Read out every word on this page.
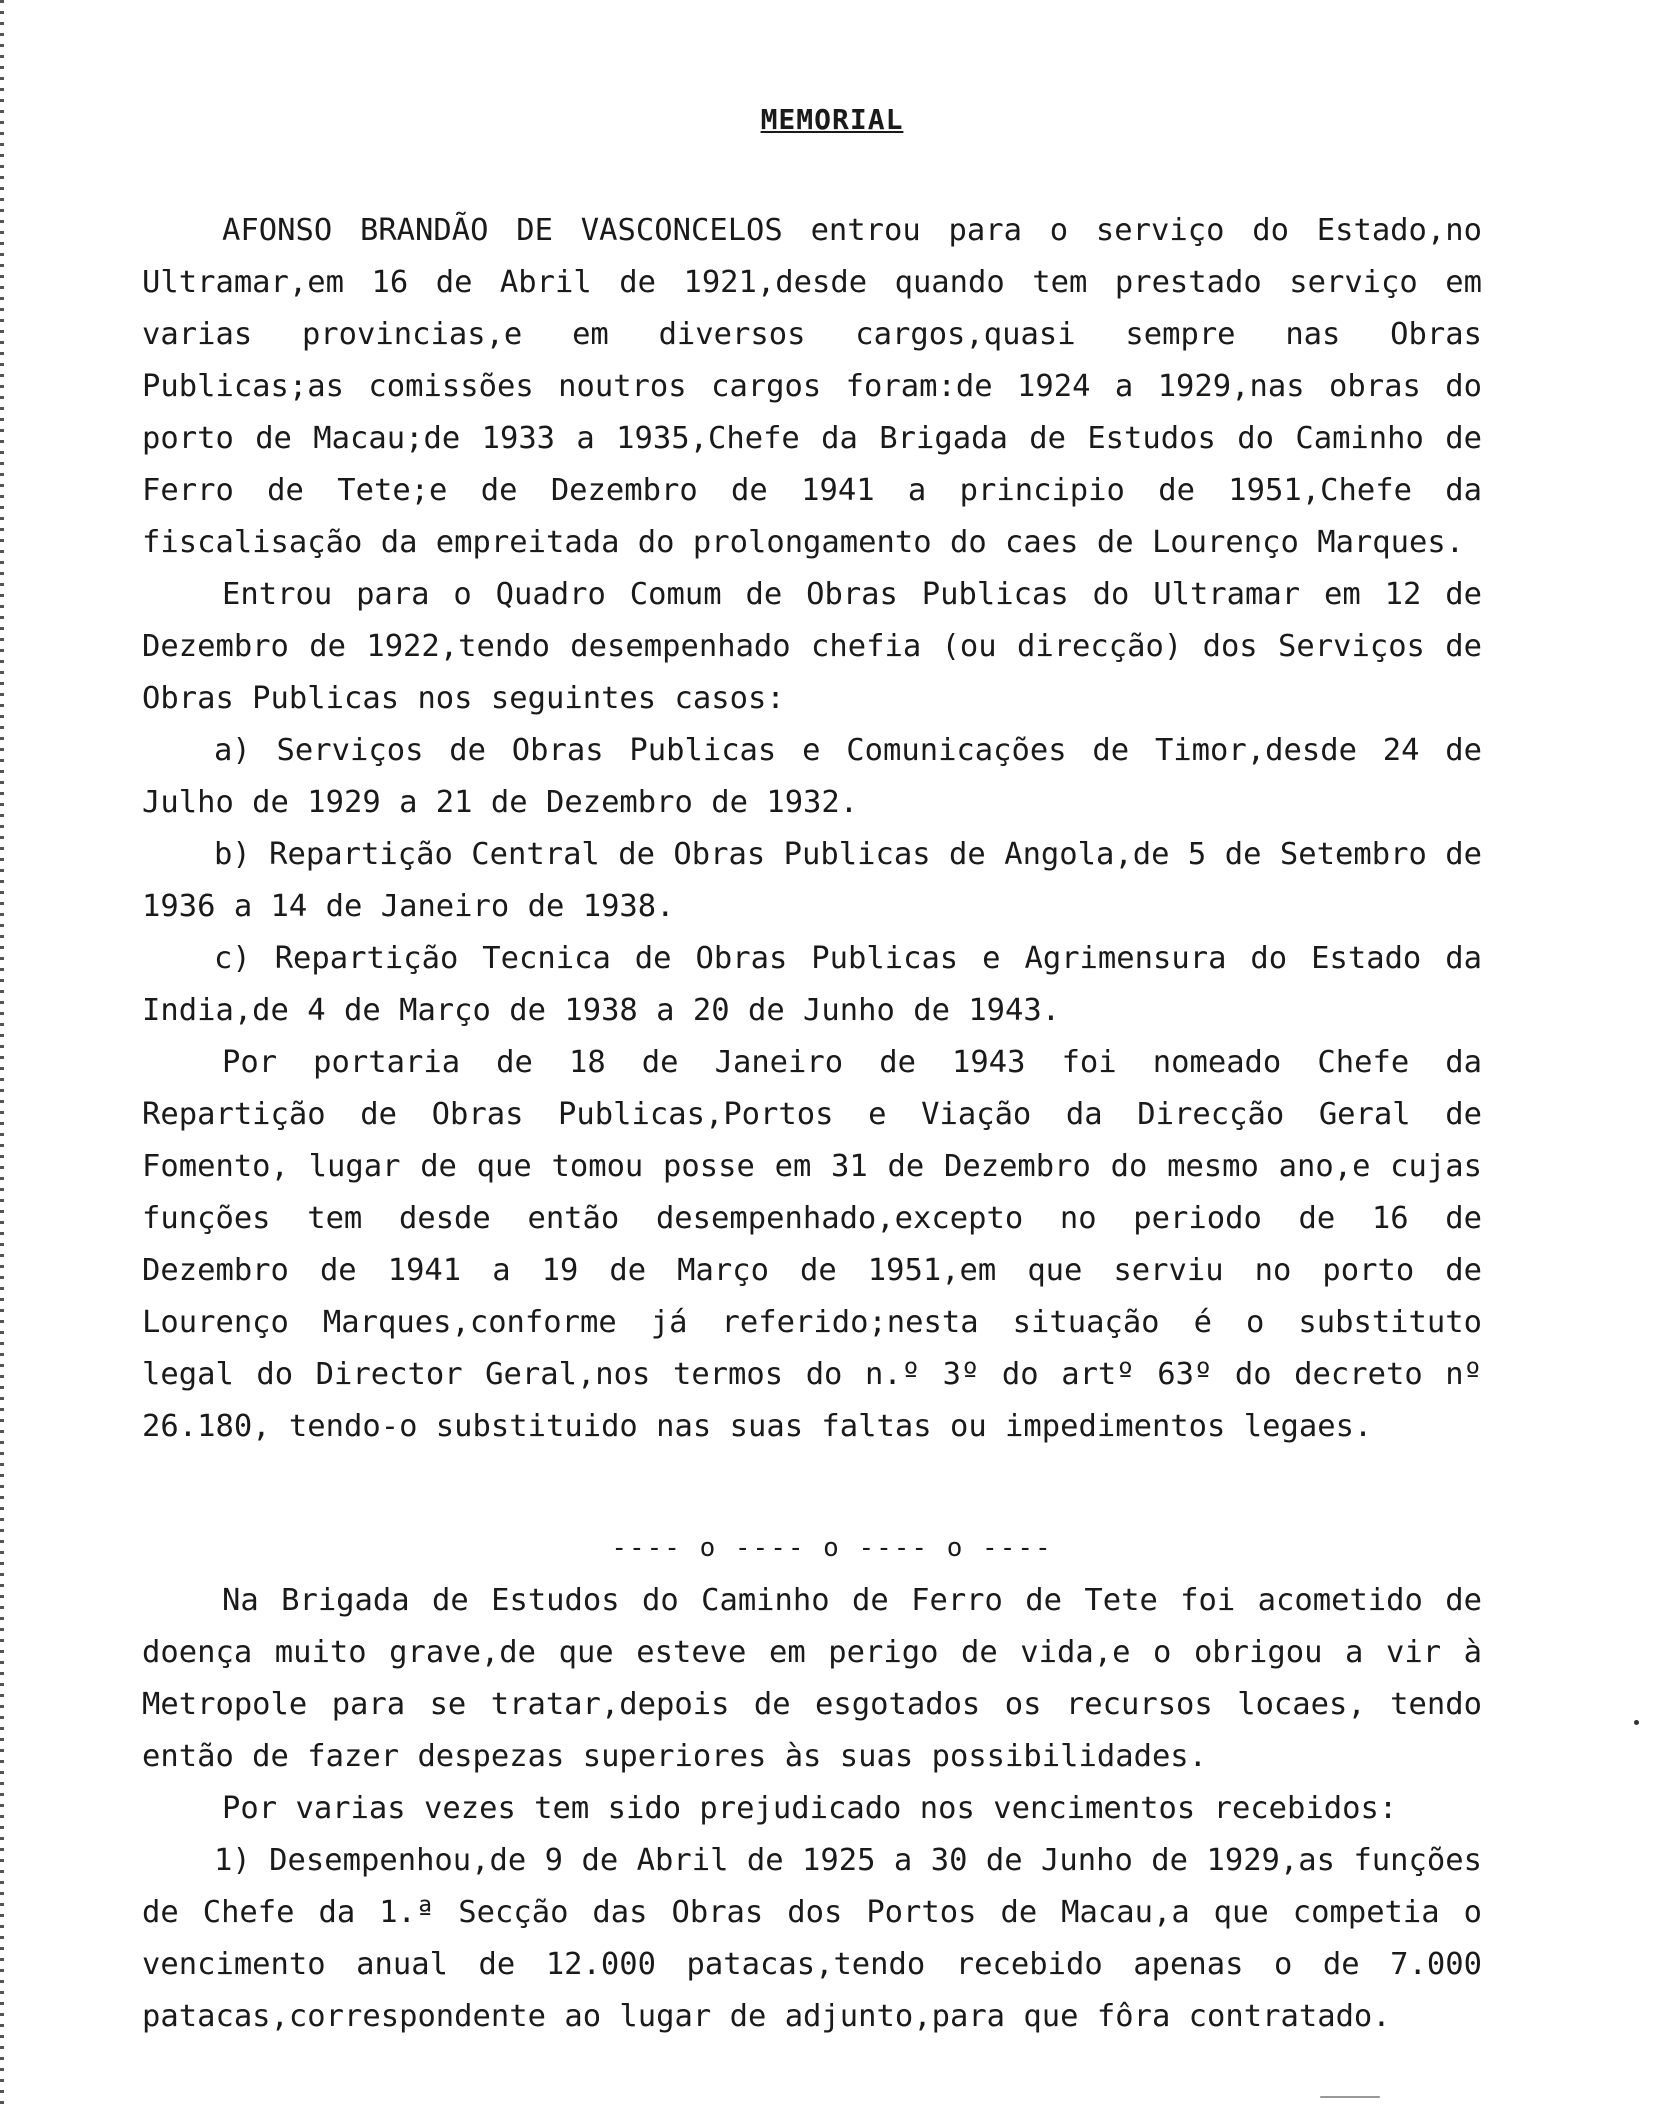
MEMORIAL

AFONSO BRANDÃO DE VASCONCELOS entrou para o serviço do Estado,no Ultramar,em 16 de Abril de 1921,desde quando tem prestado serviço em varias provincias,e em diversos cargos,quasi sempre nas Obras Publicas;as comissões noutros cargos foram:de 1924 a 1929,nas obras do porto de Macau;de 1933 a 1935,Chefe da Brigada de Estudos do Caminho de Ferro de Tete;e de Dezembro de 1941 a principio de 1951,Chefe da fiscalisação da empreitada do prolongamento do caes de Lourenço Marques.

Entrou para o Quadro Comum de Obras Publicas do Ultramar em 12 de Dezembro de 1922,tendo desempenhado chefia (ou direcção) dos Serviços de Obras Publicas nos seguintes casos:

a) Serviços de Obras Publicas e Comunicações de Timor,desde 24 de Julho de 1929 a 21 de Dezembro de 1932.

b) Repartição Central de Obras Publicas de Angola,de 5 de Setembro de 1936 a 14 de Janeiro de 1938.

c) Repartição Tecnica de Obras Publicas e Agrimensura do Estado da India,de 4 de Março de 1938 a 20 de Junho de 1943.

Por portaria de 18 de Janeiro de 1943 foi nomeado Chefe da Repartição de Obras Publicas,Portos e Viação da Direcção Geral de Fomento, lugar de que tomou posse em 31 de Dezembro do mesmo ano,e cujas funções tem desde então desempenhado,excepto no periodo de 16 de Dezembro de 1941 a 19 de Março de 1951,em que serviu no porto de Lourenço Marques,conforme já referido;nesta situação é o substituto legal do Director Geral,nos termos do n.º 3º do artº 63º do decreto nº 26.180, tendo-o substituido nas suas faltas ou impedimentos legaes.

---- o ---- o ---- o ----

Na Brigada de Estudos do Caminho de Ferro de Tete foi acometido de doença muito grave,de que esteve em perigo de vida,e o obrigou a vir à Metropole para se tratar,depois de esgotados os recursos locaes, tendo então de fazer despezas superiores às suas possibilidades.

Por varias vezes tem sido prejudicado nos vencimentos recebidos:

1) Desempenhou,de 9 de Abril de 1925 a 30 de Junho de 1929,as funções de Chefe da 1.ª Secção das Obras dos Portos de Macau,a que competia o vencimento anual de 12.000 patacas,tendo recebido apenas o de 7.000 patacas,correspondente ao lugar de adjunto,para que fôra contratado.
